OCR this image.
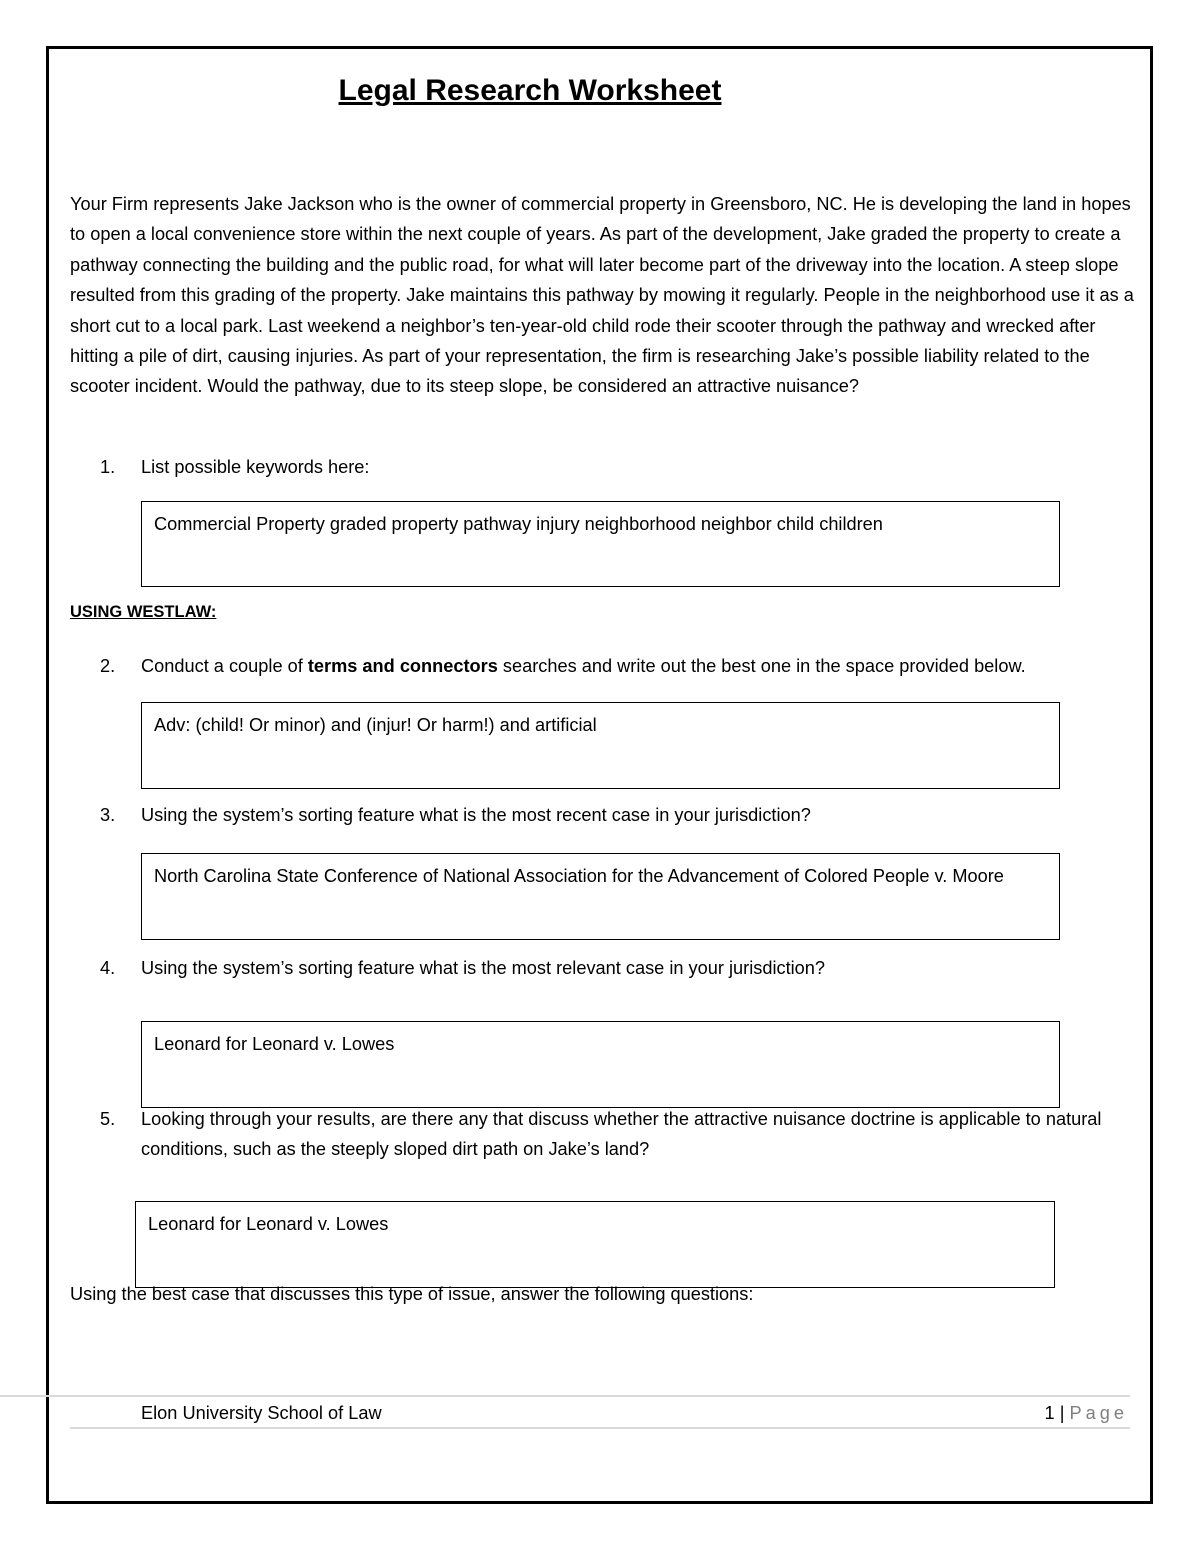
Legal Research Worksheet

Your Firm represents Jake Jackson who is the owner of commercial property in Greensboro, NC. He is developing the land in hopes to open a local convenience store within the next couple of years. As part of the development, Jake graded the property to create a pathway connecting the building and the public road, for what will later become part of the driveway into the location. A steep slope resulted from this grading of the property. Jake maintains this pathway by mowing it regularly. People in the neighborhood use it as a short cut to a local park. Last weekend a neighbor’s ten-year-old child rode their scooter through the pathway and wrecked after hitting a pile of dirt, causing injuries. As part of your representation, the firm is researching Jake’s possible liability related to the scooter incident. Would the pathway, due to its steep slope, be considered an attractive nuisance?

1.	List possible keywords here:
Commercial Property graded property pathway injury neighborhood neighbor child children
USING WESTLAW:
2.	Conduct a couple of terms and connectors searches and write out the best one in the space provided below.
Adv: (child! Or minor) and (injur! Or harm!) and artificial
3.	Using the system’s sorting feature what is the most recent case in your jurisdiction?
North Carolina State Conference of National Association for the Advancement of Colored People v. Moore
4.	Using the system’s sorting feature what is the most relevant case in your jurisdiction?
Leonard for Leonard v. Lowes
5.	Looking through your results, are there any that discuss whether the attractive nuisance doctrine is applicable to natural conditions, such as the steeply sloped dirt path on Jake’s land?
Leonard for Leonard v. Lowes
Using the best case that discusses this type of issue, answer the following questions:
Elon University School of Law	1 | Page
